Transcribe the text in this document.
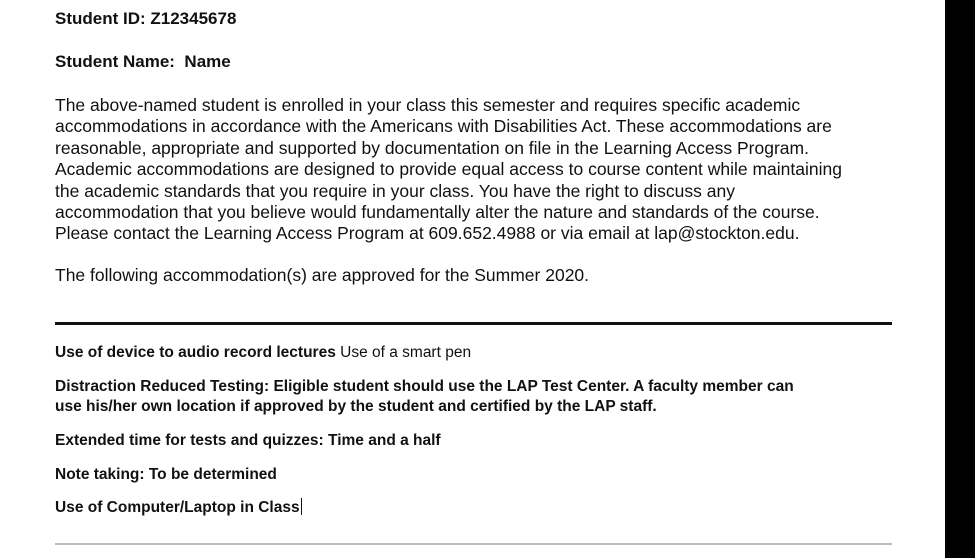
Student ID: Z12345678
Student Name: Name
The above-named student is enrolled in your class this semester and requires specific academic
accommodations in accordance with the Americans with Disabilities Act. These accommodations are
reasonable, appropriate and supported by documentation on file in the Learning Access Program.
Academic accommodations are designed to provide equal access to course content while maintaining
the academic standards that you require in your class. You have the right to discuss any
accommodation that you believe would fundamentally alter the nature and standards of the course.
Please contact the Learning Access Program at 609.652.4988 or via email at lap@stockton.edu.
The following accommodation(s) are approved for the Summer 2020.
Use of device to audio record lectures Use of a smart pen
Distraction Reduced Testing: Eligible student should use the LAP Test Center. A faculty member can
use his/her own location if approved by the student and certified by the LAP staff.
Extended time for tests and quizzes: Time and a half
Note taking: To be determined
Use of Computer/Laptop in Class
